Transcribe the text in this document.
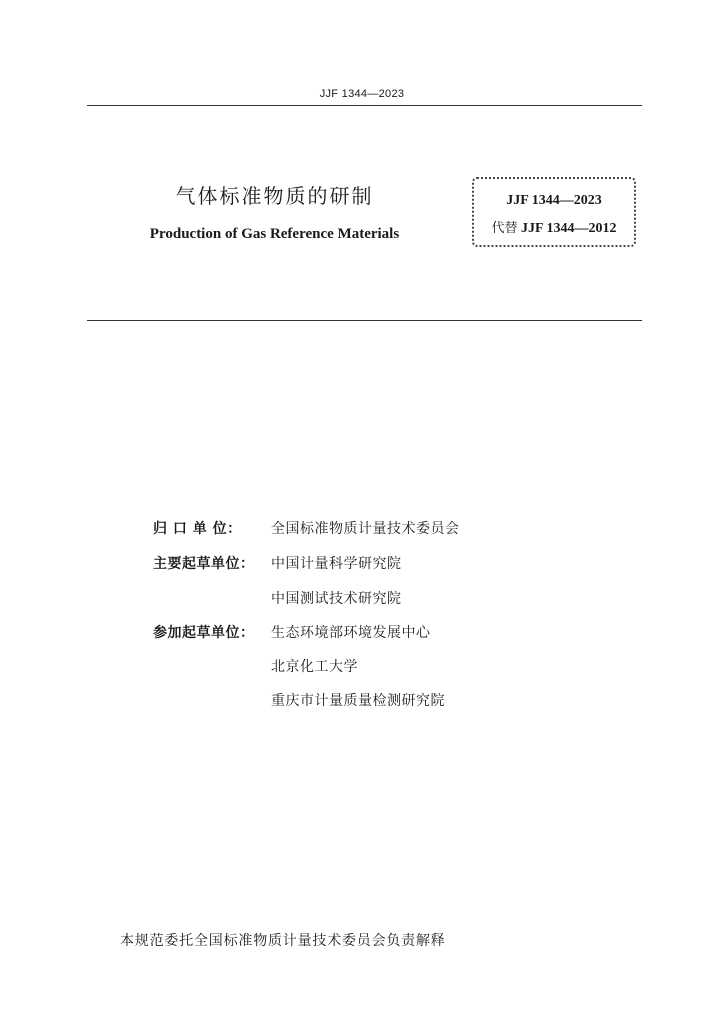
JJF 1344—2023
气体标准物质的研制
Production of Gas Reference Materials
JJF 1344—2023
代替 JJF 1344—2012
归 口 单 位： 全国标准物质计量技术委员会
主要起草单位： 中国计量科学研究院
中国测试技术研究院
参加起草单位： 生态环境部环境发展中心
北京化工大学
重庆市计量质量检测研究院
本规范委托全国标准物质计量技术委员会负责解释
